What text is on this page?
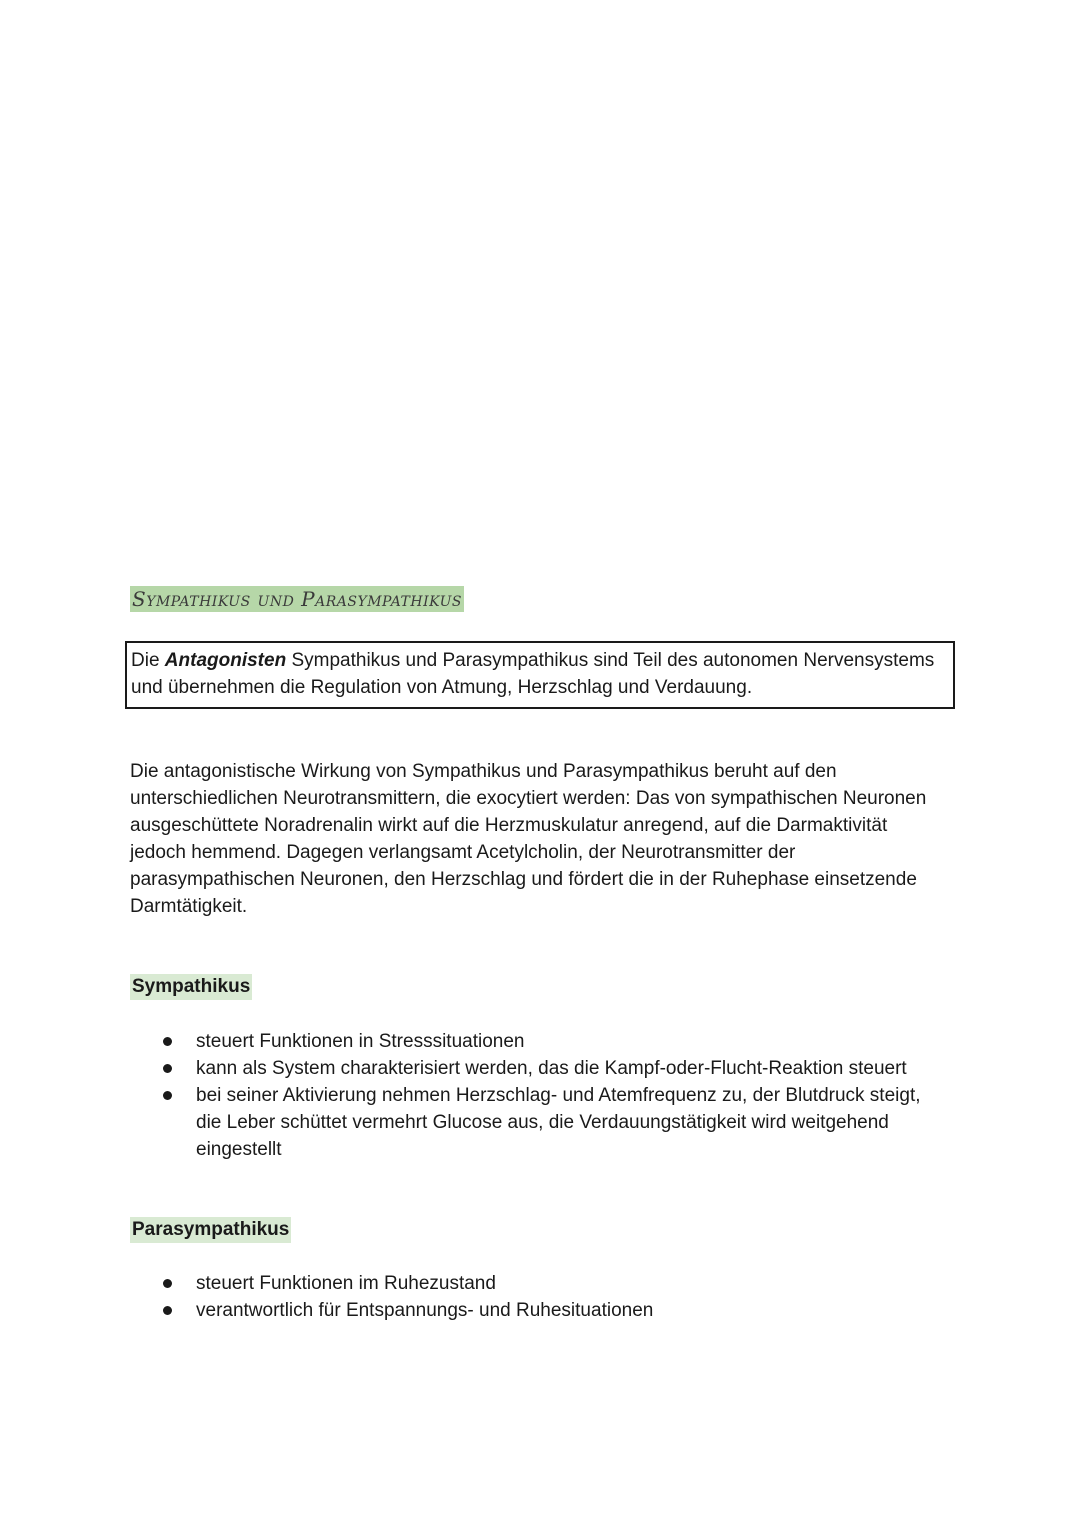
Sympathikus und Parasympathikus
Die Antagonisten Sympathikus und Parasympathikus sind Teil des autonomen Nervensystems und übernehmen die Regulation von Atmung, Herzschlag und Verdauung.
Die antagonistische Wirkung von Sympathikus und Parasympathikus beruht auf den unterschiedlichen Neurotransmittern, die exocytiert werden: Das von sympathischen Neuronen ausgeschüttete Noradrenalin wirkt auf die Herzmuskulatur anregend, auf die Darmaktivität jedoch hemmend. Dagegen verlangsamt Acetylcholin, der Neurotransmitter der parasympathischen Neuronen, den Herzschlag und fördert die in der Ruhephase einsetzende Darmtätigkeit.
Sympathikus
steuert Funktionen in Stresssituationen
kann als System charakterisiert werden, das die Kampf-oder-Flucht-Reaktion steuert
bei seiner Aktivierung nehmen Herzschlag- und Atemfrequenz zu, der Blutdruck steigt, die Leber schüttet vermehrt Glucose aus, die Verdauungstätigkeit wird weitgehend eingestellt
Parasympathikus
steuert Funktionen im Ruhezustand
verantwortlich für Entspannungs- und Ruhesituationen
